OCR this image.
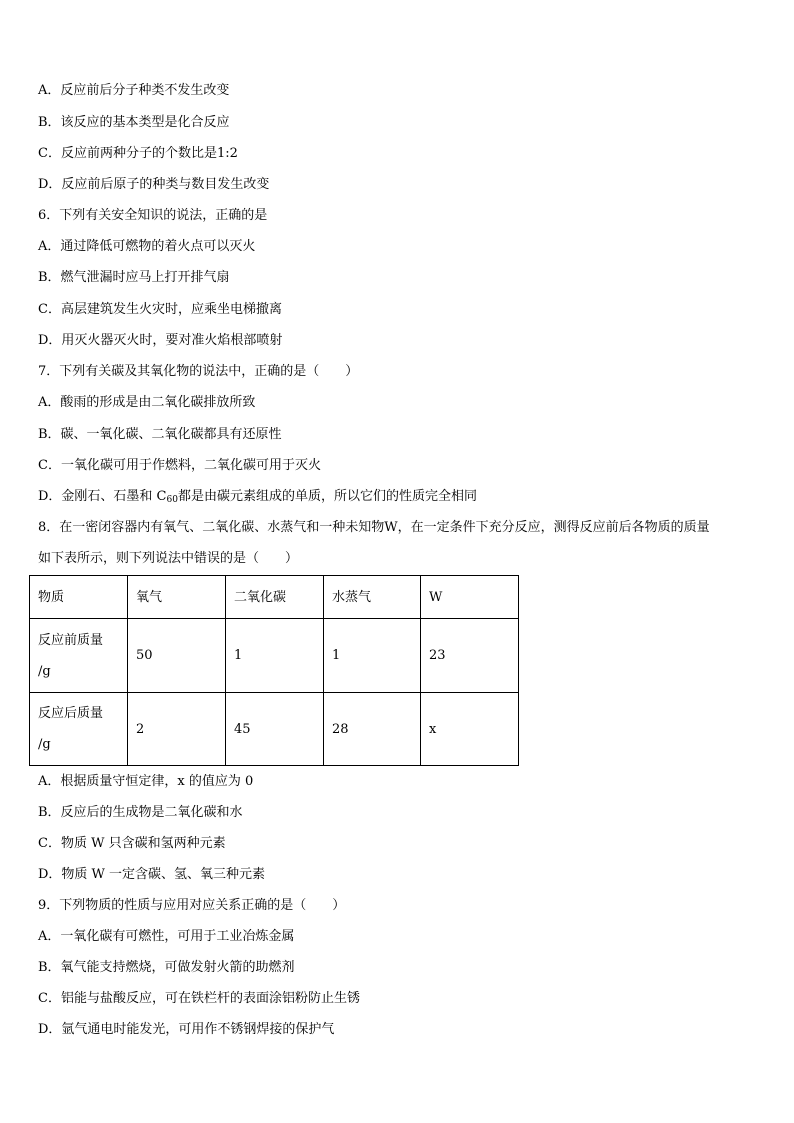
A．反应前后分子种类不发生改变
B．该反应的基本类型是化合反应
C．反应前两种分子的个数比是1:2
D．反应前后原子的种类与数目发生改变
6．下列有关安全知识的说法，正确的是
A．通过降低可燃物的着火点可以灭火
B．燃气泄漏时应马上打开排气扇
C．高层建筑发生火灾时，应乘坐电梯撤离
D．用灭火器灭火时，要对准火焰根部喷射
7．下列有关碳及其氧化物的说法中，正确的是（　　）
A．酸雨的形成是由二氧化碳排放所致
B．碳、一氧化碳、二氧化碳都具有还原性
C．一氧化碳可用于作燃料，二氧化碳可用于灭火
D．金刚石、石墨和 $C_{60}$都是由碳元素组成的单质，所以它们的性质完全相同
8．在一密闭容器内有氧气、二氧化碳、水蒸气和一种未知物W，在一定条件下充分反应，测得反应前后各物质的质量
如下表所示，则下列说法中错误的是（　　）
物质	氧气	二氧化碳	水蒸气	W
反应前质量
/g	50	1	1	23
反应后质量
/g	2	45	28	x
A．根据质量守恒定律，x 的值应为 0
B．反应后的生成物是二氧化碳和水
C．物质 W 只含碳和氢两种元素
D．物质 W 一定含碳、氢、氧三种元素
9．下列物质的性质与应用对应关系正确的是（　　）
A．一氧化碳有可燃性，可用于工业冶炼金属
B．氧气能支持燃烧，可做发射火箭的助燃剂
C．铝能与盐酸反应，可在铁栏杆的表面涂铝粉防止生锈
D．氩气通电时能发光，可用作不锈钢焊接的保护气
